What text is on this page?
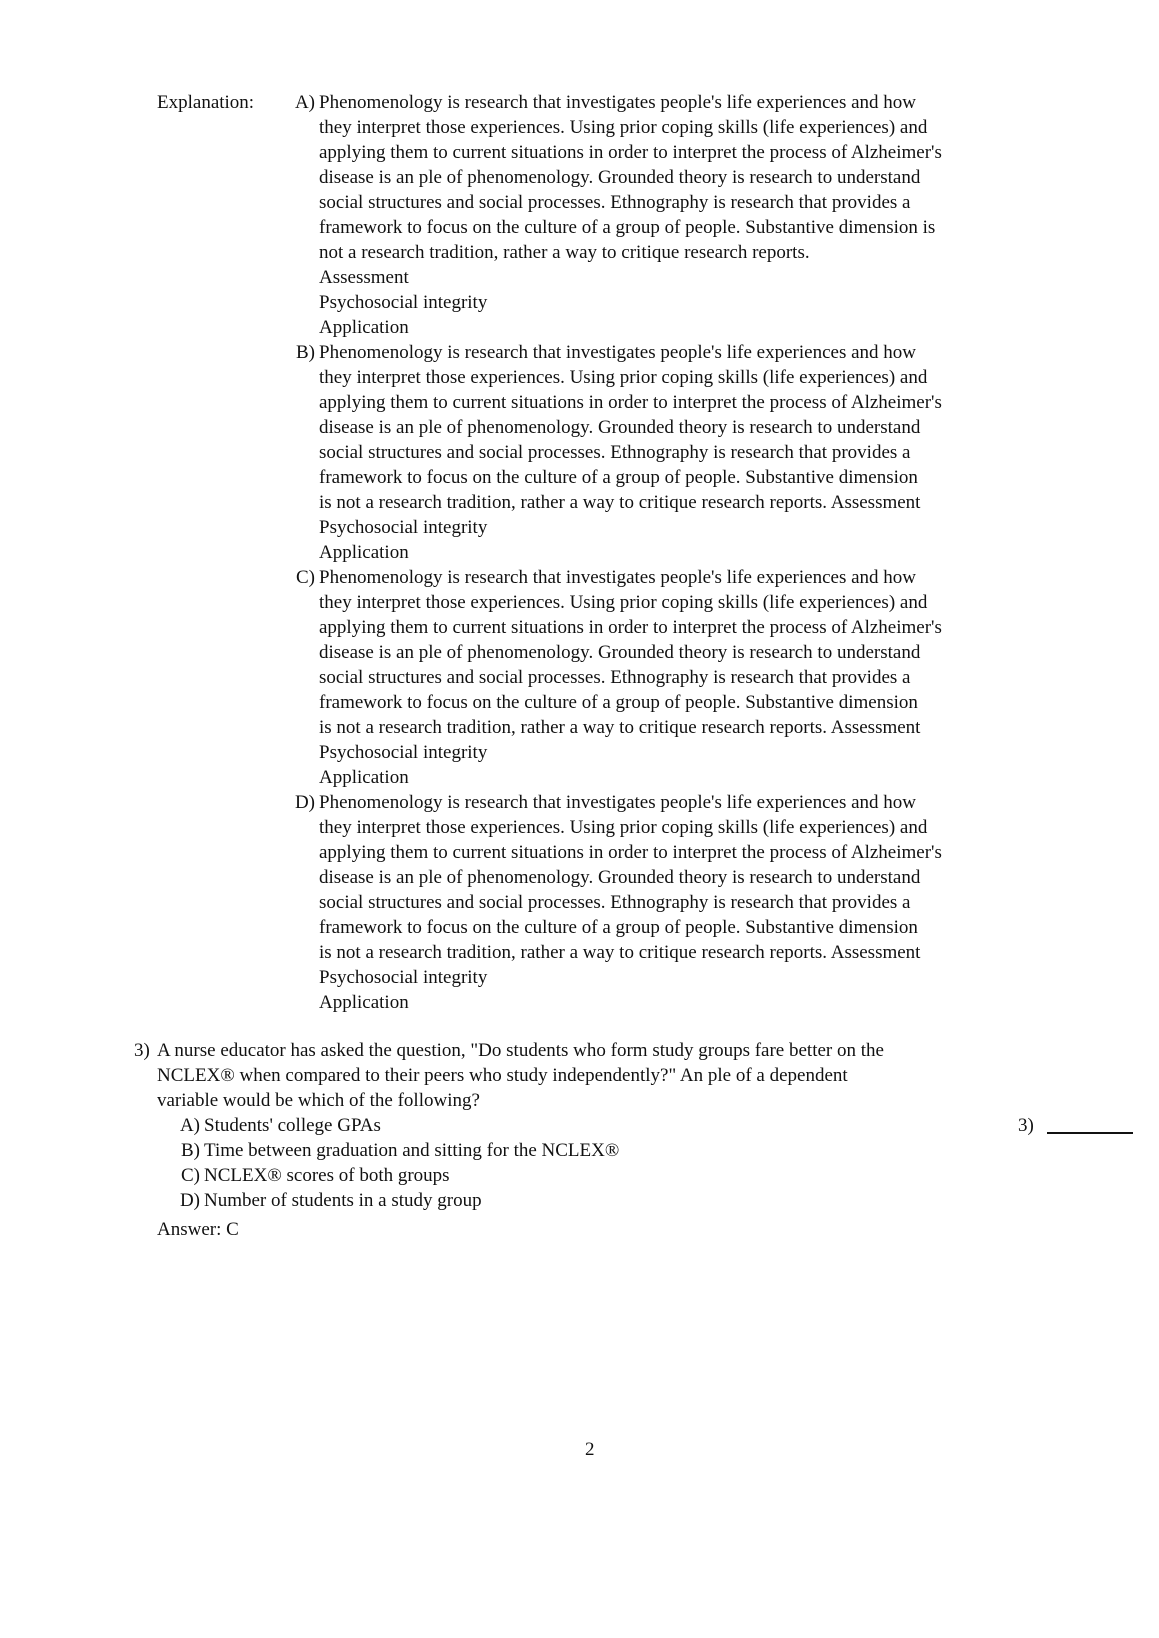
Explanation:	A) Phenomenology is research that investigates people's life experiences and how
they interpret those experiences. Using prior coping skills (life experiences) and
applying them to current situations in order to interpret the process of Alzheimer's
disease is an ple of phenomenology. Grounded theory is research to understand
social structures and social processes. Ethnography is research that provides a
framework to focus on the culture of a group of people. Substantive dimension is
not a research tradition, rather a way to critique research reports.
Assessment
Psychosocial integrity
Application
B) Phenomenology is research that investigates people's life experiences and how
they interpret those experiences. Using prior coping skills (life experiences) and
applying them to current situations in order to interpret the process of Alzheimer's
disease is an ple of phenomenology. Grounded theory is research to understand
social structures and social processes. Ethnography is research that provides a
framework to focus on the culture of a group of people. Substantive dimension
is not a research tradition, rather a way to critique research reports. Assessment
Psychosocial integrity
Application
C) Phenomenology is research that investigates people's life experiences and how
they interpret those experiences. Using prior coping skills (life experiences) and
applying them to current situations in order to interpret the process of Alzheimer's
disease is an ple of phenomenology. Grounded theory is research to understand
social structures and social processes. Ethnography is research that provides a
framework to focus on the culture of a group of people. Substantive dimension
is not a research tradition, rather a way to critique research reports. Assessment
Psychosocial integrity
Application
D) Phenomenology is research that investigates people's life experiences and how
they interpret those experiences. Using prior coping skills (life experiences) and
applying them to current situations in order to interpret the process of Alzheimer's
disease is an ple of phenomenology. Grounded theory is research to understand
social structures and social processes. Ethnography is research that provides a
framework to focus on the culture of a group of people. Substantive dimension
is not a research tradition, rather a way to critique research reports. Assessment
Psychosocial integrity
Application
3) A nurse educator has asked the question, "Do students who form study groups fare better on the
NCLEX® when compared to their peers who study independently?" An ple of a dependent
variable would be which of the following?
A) Students' college GPAs
B) Time between graduation and sitting for the NCLEX®
C) NCLEX® scores of both groups
D) Number of students in a study group
3)
Answer: C
2
